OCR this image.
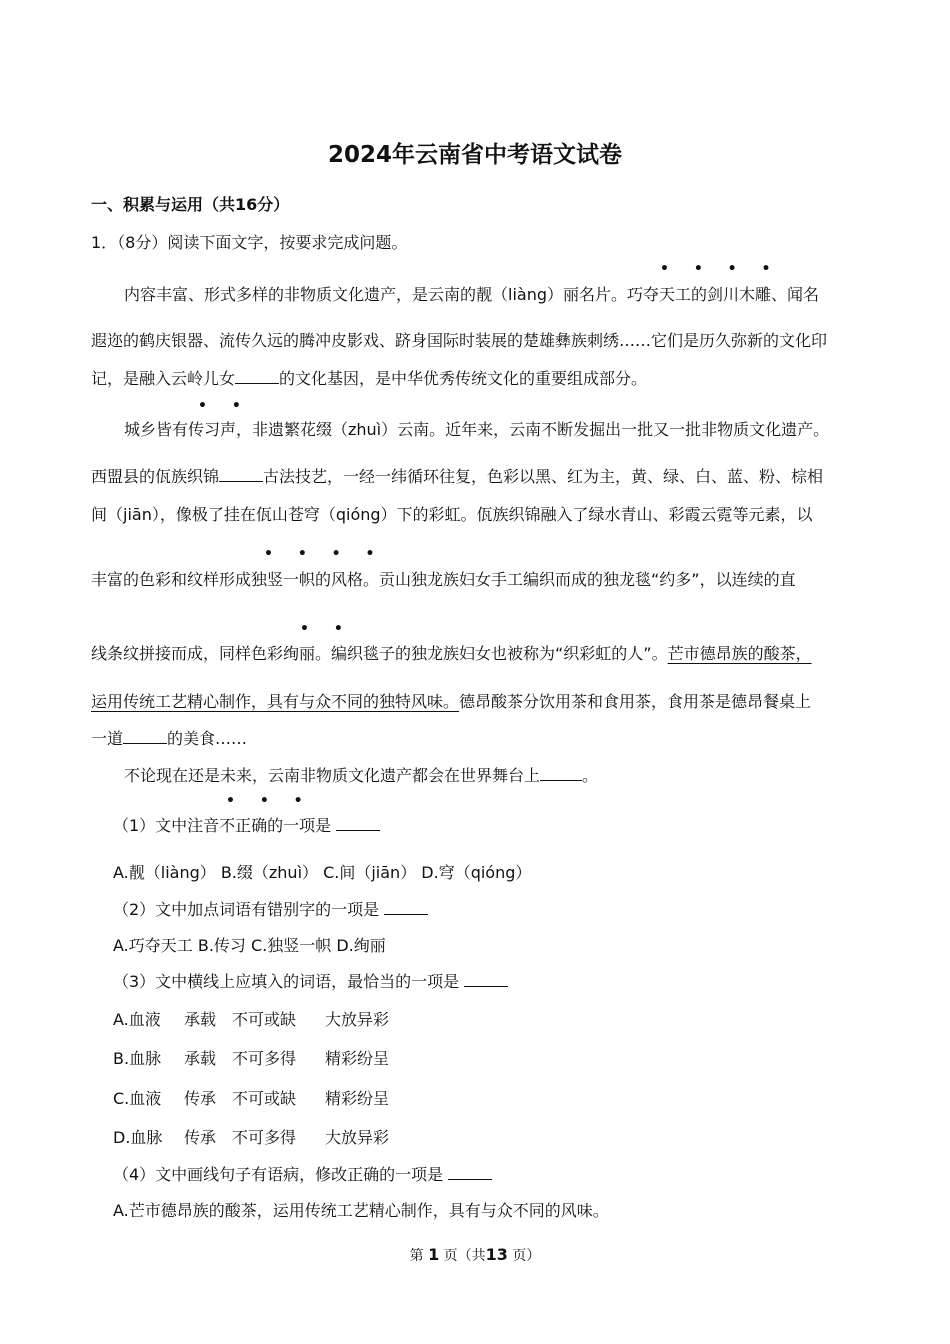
2024年云南省中考语文试卷
一、积累与运用（共16分）
1．（8分）阅读下面文字，按要求完成问题。
• • • •
内容丰富、形式多样的非物质文化遗产，是云南的靓（liàng）丽名片。巧夺天工的剑川木雕、闻名
遐迩的鹤庆银器、流传久远的腾冲皮影戏、跻身国际时装展的楚雄彝族刺绣……它们是历久弥新的文化印
记，是融入云岭儿女	的文化基因，是中华优秀传统文化的重要组成部分。
• •
城乡皆有传习声，非遗繁花缀（zhuì）云南。近年来，云南不断发掘出一批又一批非物质文化遗产。
西盟县的佤族织锦	古法技艺，一经一纬循环往复，色彩以黑、红为主，黄、绿、白、蓝、粉、棕相
间（jiān），像极了挂在佤山苍穹（qióng）下的彩虹。佤族织锦融入了绿水青山、彩霞云霓等元素，以
• • • •
丰富的色彩和纹样形成独竖一帜的风格。贡山独龙族妇女手工编织而成的独龙毯“约多”，以连续的直
• •
线条纹拼接而成，同样色彩绚丽。编织毯子的独龙族妇女也被称为“织彩虹的人”。芒市德昂族的酸茶，
运用传统工艺精心制作，具有与众不同的独特风味。德昂酸茶分饮用茶和食用茶，食用茶是德昂餐桌上
一道	的美食……
不论现在还是未来，云南非物质文化遗产都会在世界舞台上	。
• • •
（1）文中注音不正确的一项是
A.靓（liàng） B.缀（zhuì） C.间（jiān） D.穹（qióng）
（2）文中加点词语有错别字的一项是
A.巧夺天工 B.传习 C.独竖一帜 D.绚丽
（3）文中横线上应填入的词语，最恰当的一项是
A.血液 承载 不可或缺 大放异彩
B.血脉 承载 不可多得 精彩纷呈
C.血液 传承 不可或缺 精彩纷呈
D.血脉 传承 不可多得 大放异彩
（4）文中画线句子有语病，修改正确的一项是
A.芒市德昂族的酸茶，运用传统工艺精心制作，具有与众不同的风味。
第 1 页（共13 页）
